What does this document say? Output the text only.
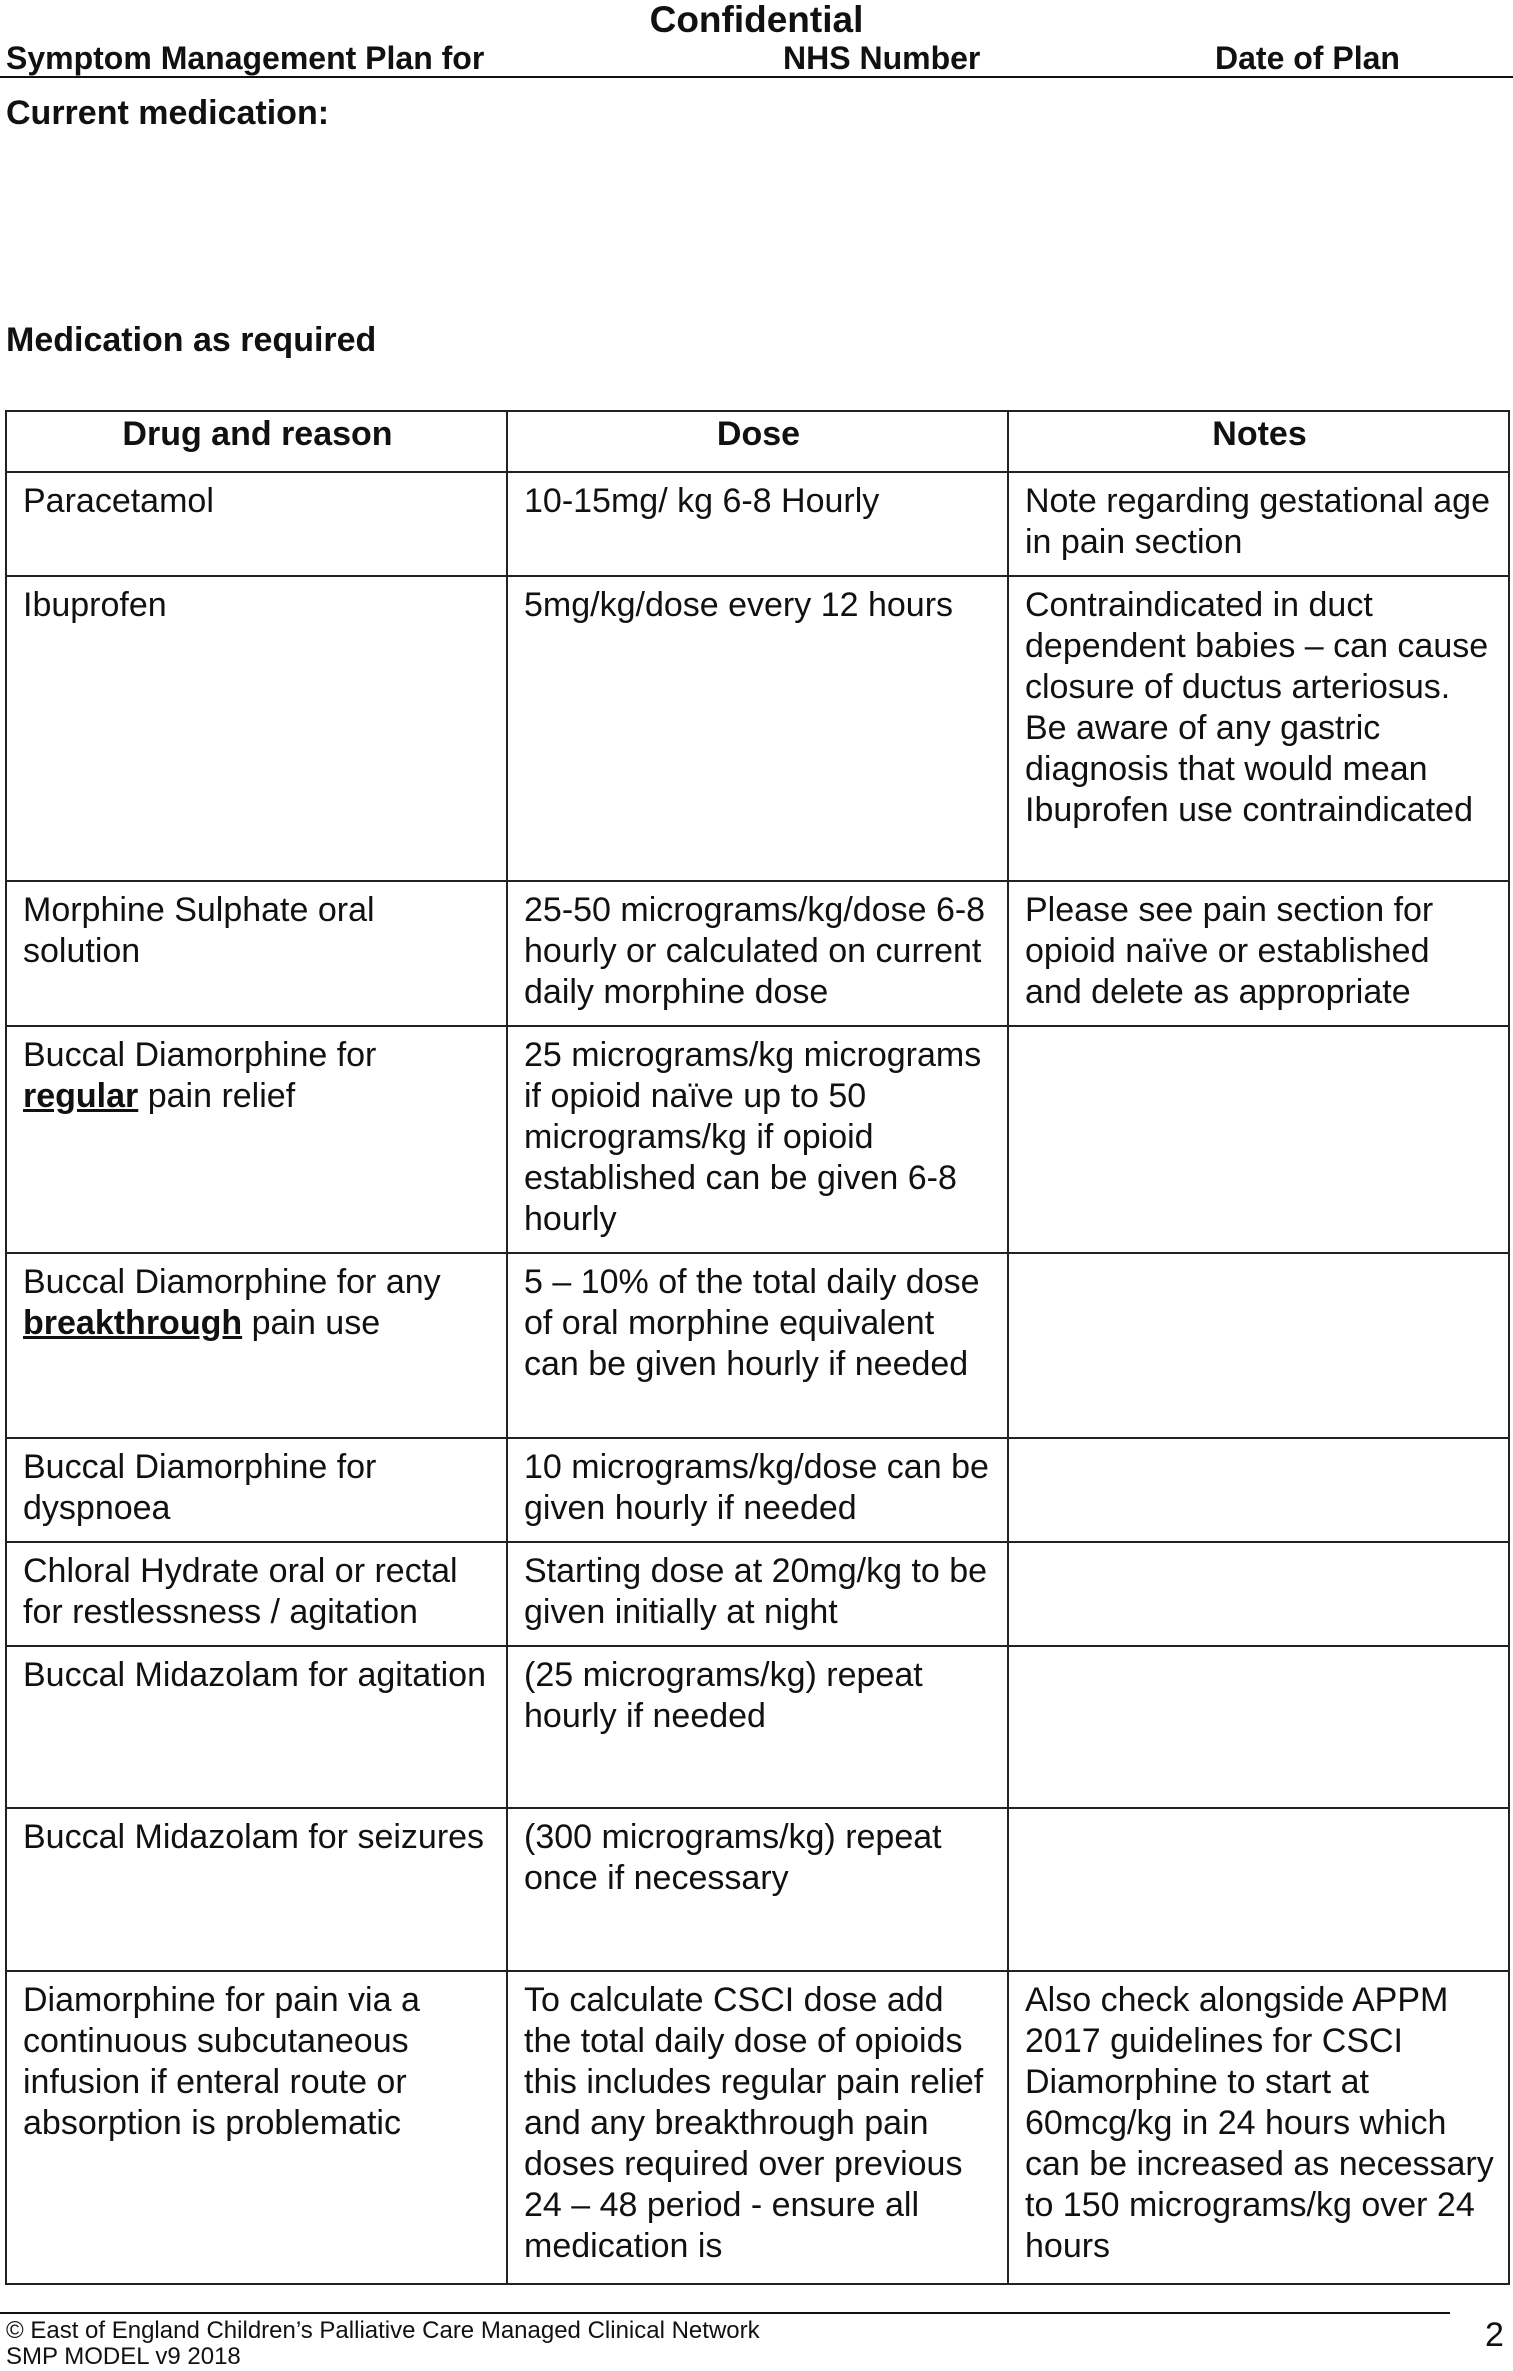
Confidential
Symptom Management Plan for	NHS Number	Date of Plan
Current medication:
Medication as required
Drug and reason	Dose	Notes
Paracetamol	10-15mg/ kg 6-8 Hourly	Note regarding gestational age in pain section
Ibuprofen	5mg/kg/dose every 12 hours	Contraindicated in duct dependent babies – can cause closure of ductus arteriosus. Be aware of any gastric diagnosis that would mean Ibuprofen use contraindicated
Morphine Sulphate oral solution	25-50 micrograms/kg/dose 6-8 hourly or calculated on current daily morphine dose	Please see pain section for opioid naïve or established and delete as appropriate
Buccal Diamorphine for regular pain relief	25 micrograms/kg micrograms if opioid naïve up to 50 micrograms/kg if opioid established can be given 6-8 hourly	
Buccal Diamorphine for any breakthrough pain use	5 – 10% of the total daily dose of oral morphine equivalent can be given hourly if needed	
Buccal Diamorphine for dyspnoea	10 micrograms/kg/dose can be given hourly if needed	
Chloral Hydrate oral or rectal for restlessness / agitation	Starting dose at 20mg/kg to be given initially at night	
Buccal Midazolam for agitation	(25 micrograms/kg) repeat hourly if needed	
Buccal Midazolam for seizures	(300 micrograms/kg) repeat once if necessary	
Diamorphine for pain via a continuous subcutaneous infusion if enteral route or absorption is problematic	To calculate CSCI dose add the total daily dose of opioids this includes regular pain relief and any breakthrough pain doses required over previous 24 – 48 period - ensure all medication is	Also check alongside APPM 2017 guidelines for CSCI Diamorphine to start at 60mcg/kg in 24 hours which can be increased as necessary to 150 micrograms/kg over 24 hours
© East of England Children’s Palliative Care Managed Clinical Network
SMP MODEL v9 2018
2
